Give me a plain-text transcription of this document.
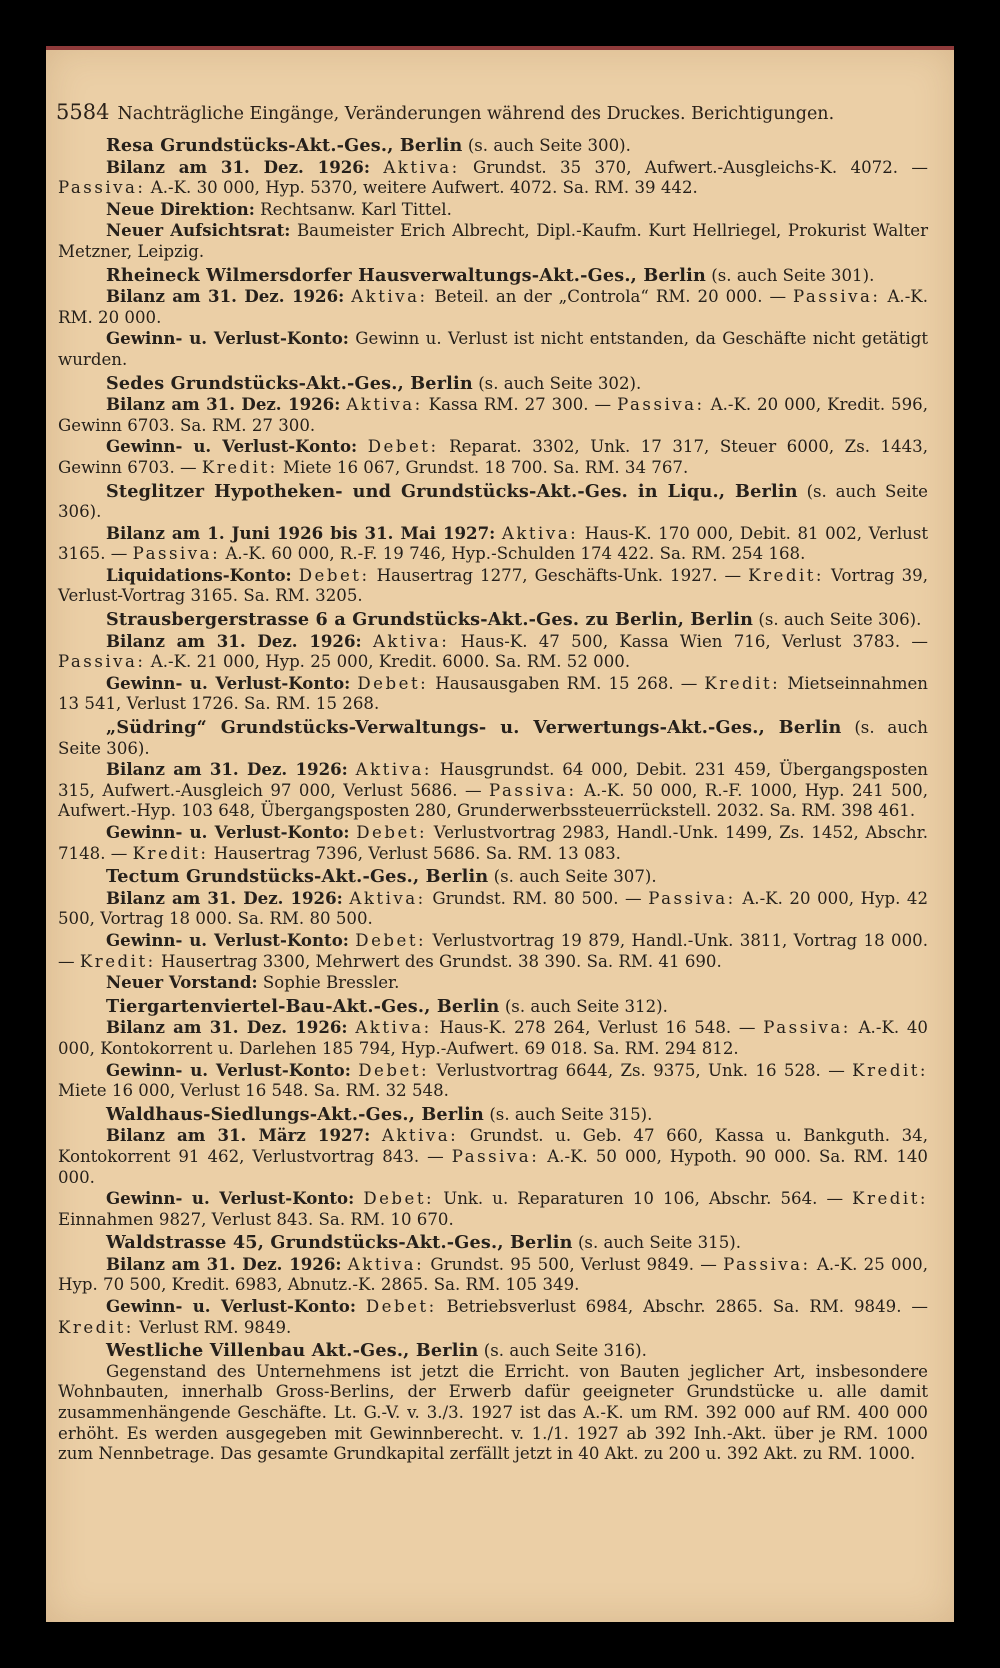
5584 Nachträgliche Eingänge, Veränderungen während des Druckes. Berichtigungen.

Resa Grundstücks-Akt.-Ges., Berlin (s. auch Seite 300).

Bilanz am 31. Dez. 1926: Aktiva: Grundst. 35 370, Aufwert.-Ausgleichs-K. 4072. — Passiva: A.-K. 30 000, Hyp. 5370, weitere Aufwert. 4072. Sa. RM. 39 442.

Neue Direktion: Rechtsanw. Karl Tittel.

Neuer Aufsichtsrat: Baumeister Erich Albrecht, Dipl.-Kaufm. Kurt Hellriegel, Prokurist Walter Metzner, Leipzig.

Rheineck Wilmersdorfer Hausverwaltungs-Akt.-Ges., Berlin (s. auch Seite 301).

Bilanz am 31. Dez. 1926: Aktiva: Beteil. an der „Controla“ RM. 20 000. — Passiva: A.-K. RM. 20 000.

Gewinn- u. Verlust-Konto: Gewinn u. Verlust ist nicht entstanden, da Geschäfte nicht getätigt wurden.

Sedes Grundstücks-Akt.-Ges., Berlin (s. auch Seite 302).

Bilanz am 31. Dez. 1926: Aktiva: Kassa RM. 27 300. — Passiva: A.-K. 20 000, Kredit. 596, Gewinn 6703. Sa. RM. 27 300.

Gewinn- u. Verlust-Konto: Debet: Reparat. 3302, Unk. 17 317, Steuer 6000, Zs. 1443, Gewinn 6703. — Kredit: Miete 16 067, Grundst. 18 700. Sa. RM. 34 767.

Steglitzer Hypotheken- und Grundstücks-Akt.-Ges. in Liqu., Berlin (s. auch Seite 306).

Bilanz am 1. Juni 1926 bis 31. Mai 1927: Aktiva: Haus-K. 170 000, Debit. 81 002, Verlust 3165. — Passiva: A.-K. 60 000, R.-F. 19 746, Hyp.-Schulden 174 422. Sa. RM. 254 168.

Liquidations-Konto: Debet: Hausertrag 1277, Geschäfts-Unk. 1927. — Kredit: Vortrag 39, Verlust-Vortrag 3165. Sa. RM. 3205.

Strausbergerstrasse 6 a Grundstücks-Akt.-Ges. zu Berlin, Berlin (s. auch Seite 306).

Bilanz am 31. Dez. 1926: Aktiva: Haus-K. 47 500, Kassa Wien 716, Verlust 3783. — Passiva: A.-K. 21 000, Hyp. 25 000, Kredit. 6000. Sa. RM. 52 000.

Gewinn- u. Verlust-Konto: Debet: Hausausgaben RM. 15 268. — Kredit: Mietseinnahmen 13 541, Verlust 1726. Sa. RM. 15 268.

„Südring“ Grundstücks-Verwaltungs- u. Verwertungs-Akt.-Ges., Berlin (s. auch Seite 306).

Bilanz am 31. Dez. 1926: Aktiva: Hausgrundst. 64 000, Debit. 231 459, Übergangsposten 315, Aufwert.-Ausgleich 97 000, Verlust 5686. — Passiva: A.-K. 50 000, R.-F. 1000, Hyp. 241 500, Aufwert.-Hyp. 103 648, Übergangsposten 280, Grunderwerbssteuerrückstell. 2032. Sa. RM. 398 461.

Gewinn- u. Verlust-Konto: Debet: Verlustvortrag 2983, Handl.-Unk. 1499, Zs. 1452, Abschr. 7148. — Kredit: Hausertrag 7396, Verlust 5686. Sa. RM. 13 083.

Tectum Grundstücks-Akt.-Ges., Berlin (s. auch Seite 307).

Bilanz am 31. Dez. 1926: Aktiva: Grundst. RM. 80 500. — Passiva: A.-K. 20 000, Hyp. 42 500, Vortrag 18 000. Sa. RM. 80 500.

Gewinn- u. Verlust-Konto: Debet: Verlustvortrag 19 879, Handl.-Unk. 3811, Vortrag 18 000. — Kredit: Hausertrag 3300, Mehrwert des Grundst. 38 390. Sa. RM. 41 690.

Neuer Vorstand: Sophie Bressler.

Tiergartenviertel-Bau-Akt.-Ges., Berlin (s. auch Seite 312).

Bilanz am 31. Dez. 1926: Aktiva: Haus-K. 278 264, Verlust 16 548. — Passiva: A.-K. 40 000, Kontokorrent u. Darlehen 185 794, Hyp.-Aufwert. 69 018. Sa. RM. 294 812.

Gewinn- u. Verlust-Konto: Debet: Verlustvortrag 6644, Zs. 9375, Unk. 16 528. — Kredit: Miete 16 000, Verlust 16 548. Sa. RM. 32 548.

Waldhaus-Siedlungs-Akt.-Ges., Berlin (s. auch Seite 315).

Bilanz am 31. März 1927: Aktiva: Grundst. u. Geb. 47 660, Kassa u. Bankguth. 34, Kontokorrent 91 462, Verlustvortrag 843. — Passiva: A.-K. 50 000, Hypoth. 90 000. Sa. RM. 140 000.

Gewinn- u. Verlust-Konto: Debet: Unk. u. Reparaturen 10 106, Abschr. 564. — Kredit: Einnahmen 9827, Verlust 843. Sa. RM. 10 670.

Waldstrasse 45, Grundstücks-Akt.-Ges., Berlin (s. auch Seite 315).

Bilanz am 31. Dez. 1926: Aktiva: Grundst. 95 500, Verlust 9849. — Passiva: A.-K. 25 000, Hyp. 70 500, Kredit. 6983, Abnutz.-K. 2865. Sa. RM. 105 349.

Gewinn- u. Verlust-Konto: Debet: Betriebsverlust 6984, Abschr. 2865. Sa. RM. 9849. — Kredit: Verlust RM. 9849.

Westliche Villenbau Akt.-Ges., Berlin (s. auch Seite 316).

Gegenstand des Unternehmens ist jetzt die Erricht. von Bauten jeglicher Art, insbesondere Wohnbauten, innerhalb Gross-Berlins, der Erwerb dafür geeigneter Grundstücke u. alle damit zusammenhängende Geschäfte. Lt. G.-V. v. 3./3. 1927 ist das A.-K. um RM. 392 000 auf RM. 400 000 erhöht. Es werden ausgegeben mit Gewinnberecht. v. 1./1. 1927 ab 392 Inh.-Akt. über je RM. 1000 zum Nennbetrage. Das gesamte Grundkapital zerfällt jetzt in 40 Akt. zu 200 u. 392 Akt. zu RM. 1000.
